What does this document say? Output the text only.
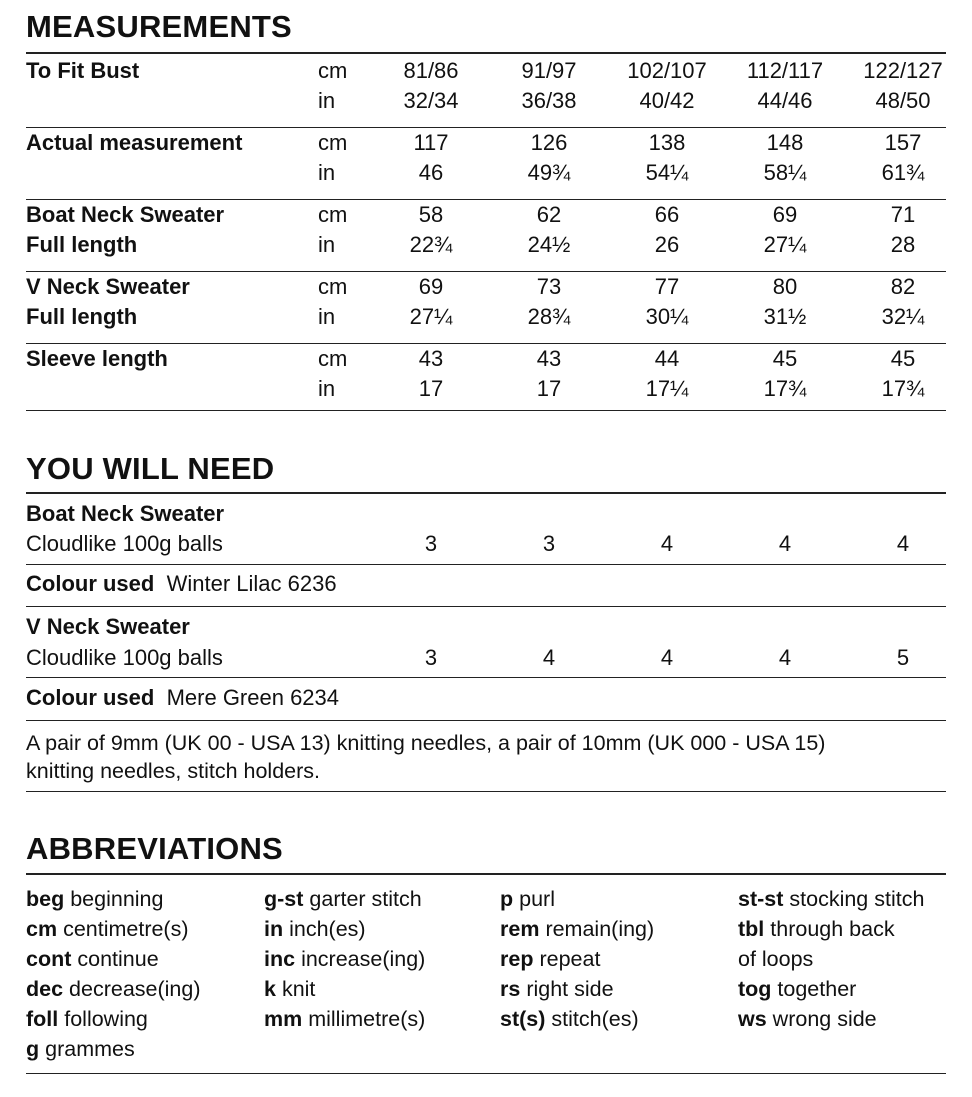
MEASUREMENTS
To Fit Bust	cm	81/86	91/97	102/107	112/117	122/127
in	32/34	36/38	40/42	44/46	48/50
Actual measurement	cm	117	126	138	148	157
in	46	49¾	54¼	58¼	61¾
Boat Neck Sweater	cm	58	62	66	69	71
Full length	in	22¾	24½	26	27¼	28
V Neck Sweater	cm	69	73	77	80	82
Full length	in	27¼	28¾	30¼	31½	32¼
Sleeve length	cm	43	43	44	45	45
in	17	17	17¼	17¾	17¾
YOU WILL NEED
Boat Neck Sweater
Cloudlike 100g balls	3	3	4	4	4
Colour used Winter Lilac 6236
V Neck Sweater
Cloudlike 100g balls	3	4	4	4	5
Colour used Mere Green 6234
A pair of 9mm (UK 00 - USA 13) knitting needles, a pair of 10mm (UK 000 - USA 15)
knitting needles, stitch holders.
ABBREVIATIONS
beg beginning
cm centimetre(s)
cont continue
dec decrease(ing)
foll following
g grammes
g-st garter stitch
in inch(es)
inc increase(ing)
k knit
mm millimetre(s)
p purl
rem remain(ing)
rep repeat
rs right side
st(s) stitch(es)
st-st stocking stitch
tbl through back
of loops
tog together
ws wrong side
